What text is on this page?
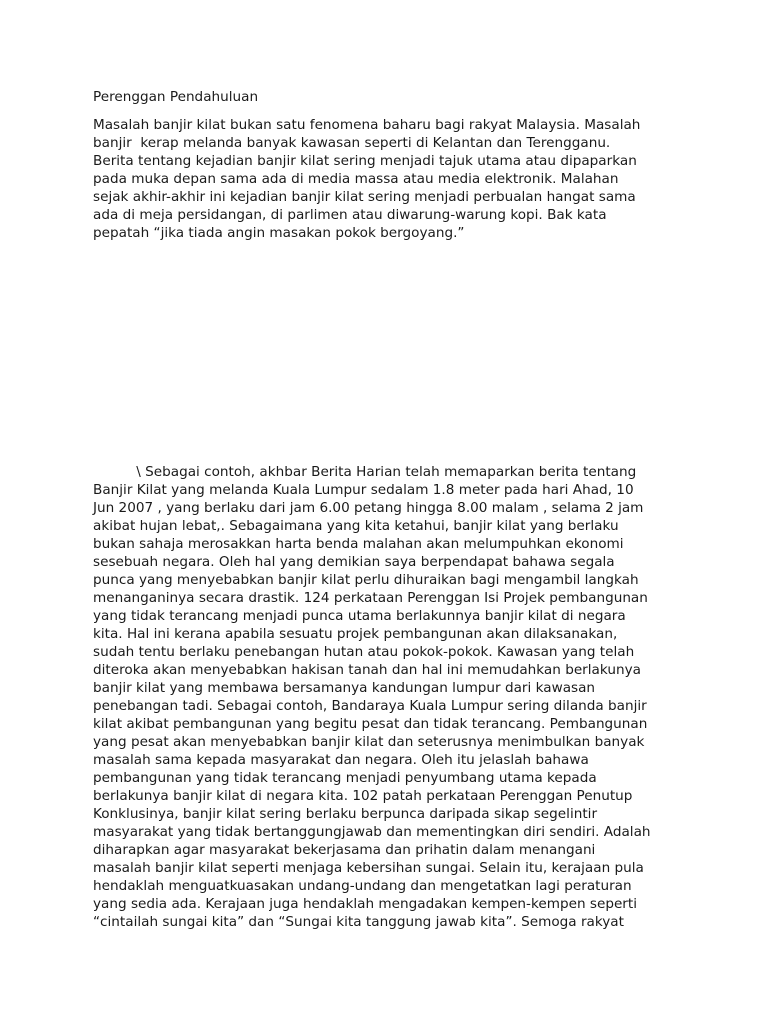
Perenggan Pendahuluan
Masalah banjir kilat bukan satu fenomena baharu bagi rakyat Malaysia. Masalah
banjir  kerap melanda banyak kawasan seperti di Kelantan dan Terengganu.
Berita tentang kejadian banjir kilat sering menjadi tajuk utama atau dipaparkan
pada muka depan sama ada di media massa atau media elektronik. Malahan
sejak akhir-akhir ini kejadian banjir kilat sering menjadi perbualan hangat sama
ada di meja persidangan, di parlimen atau diwarung-warung kopi. Bak kata
pepatah “jika tiada angin masakan pokok bergoyang.”
\ Sebagai contoh, akhbar Berita Harian telah memaparkan berita tentang
Banjir Kilat yang melanda Kuala Lumpur sedalam 1.8 meter pada hari Ahad, 10
Jun 2007 , yang berlaku dari jam 6.00 petang hingga 8.00 malam , selama 2 jam
akibat hujan lebat,. Sebagaimana yang kita ketahui, banjir kilat yang berlaku
bukan sahaja merosakkan harta benda malahan akan melumpuhkan ekonomi
sesebuah negara. Oleh hal yang demikian saya berpendapat bahawa segala
punca yang menyebabkan banjir kilat perlu dihuraikan bagi mengambil langkah
menanganinya secara drastik. 124 perkataan Perenggan Isi Projek pembangunan
yang tidak terancang menjadi punca utama berlakunnya banjir kilat di negara
kita. Hal ini kerana apabila sesuatu projek pembangunan akan dilaksanakan,
sudah tentu berlaku penebangan hutan atau pokok-pokok. Kawasan yang telah
diteroka akan menyebabkan hakisan tanah dan hal ini memudahkan berlakunya
banjir kilat yang membawa bersamanya kandungan lumpur dari kawasan
penebangan tadi. Sebagai contoh, Bandaraya Kuala Lumpur sering dilanda banjir
kilat akibat pembangunan yang begitu pesat dan tidak terancang. Pembangunan
yang pesat akan menyebabkan banjir kilat dan seterusnya menimbulkan banyak
masalah sama kepada masyarakat dan negara. Oleh itu jelaslah bahawa
pembangunan yang tidak terancang menjadi penyumbang utama kepada
berlakunya banjir kilat di negara kita. 102 patah perkataan Perenggan Penutup
Konklusinya, banjir kilat sering berlaku berpunca daripada sikap segelintir
masyarakat yang tidak bertanggungjawab dan mementingkan diri sendiri. Adalah
diharapkan agar masyarakat bekerjasama dan prihatin dalam menangani
masalah banjir kilat seperti menjaga kebersihan sungai. Selain itu, kerajaan pula
hendaklah menguatkuasakan undang-undang dan mengetatkan lagi peraturan
yang sedia ada. Kerajaan juga hendaklah mengadakan kempen-kempen seperti
“cintailah sungai kita” dan “Sungai kita tanggung jawab kita”. Semoga rakyat
